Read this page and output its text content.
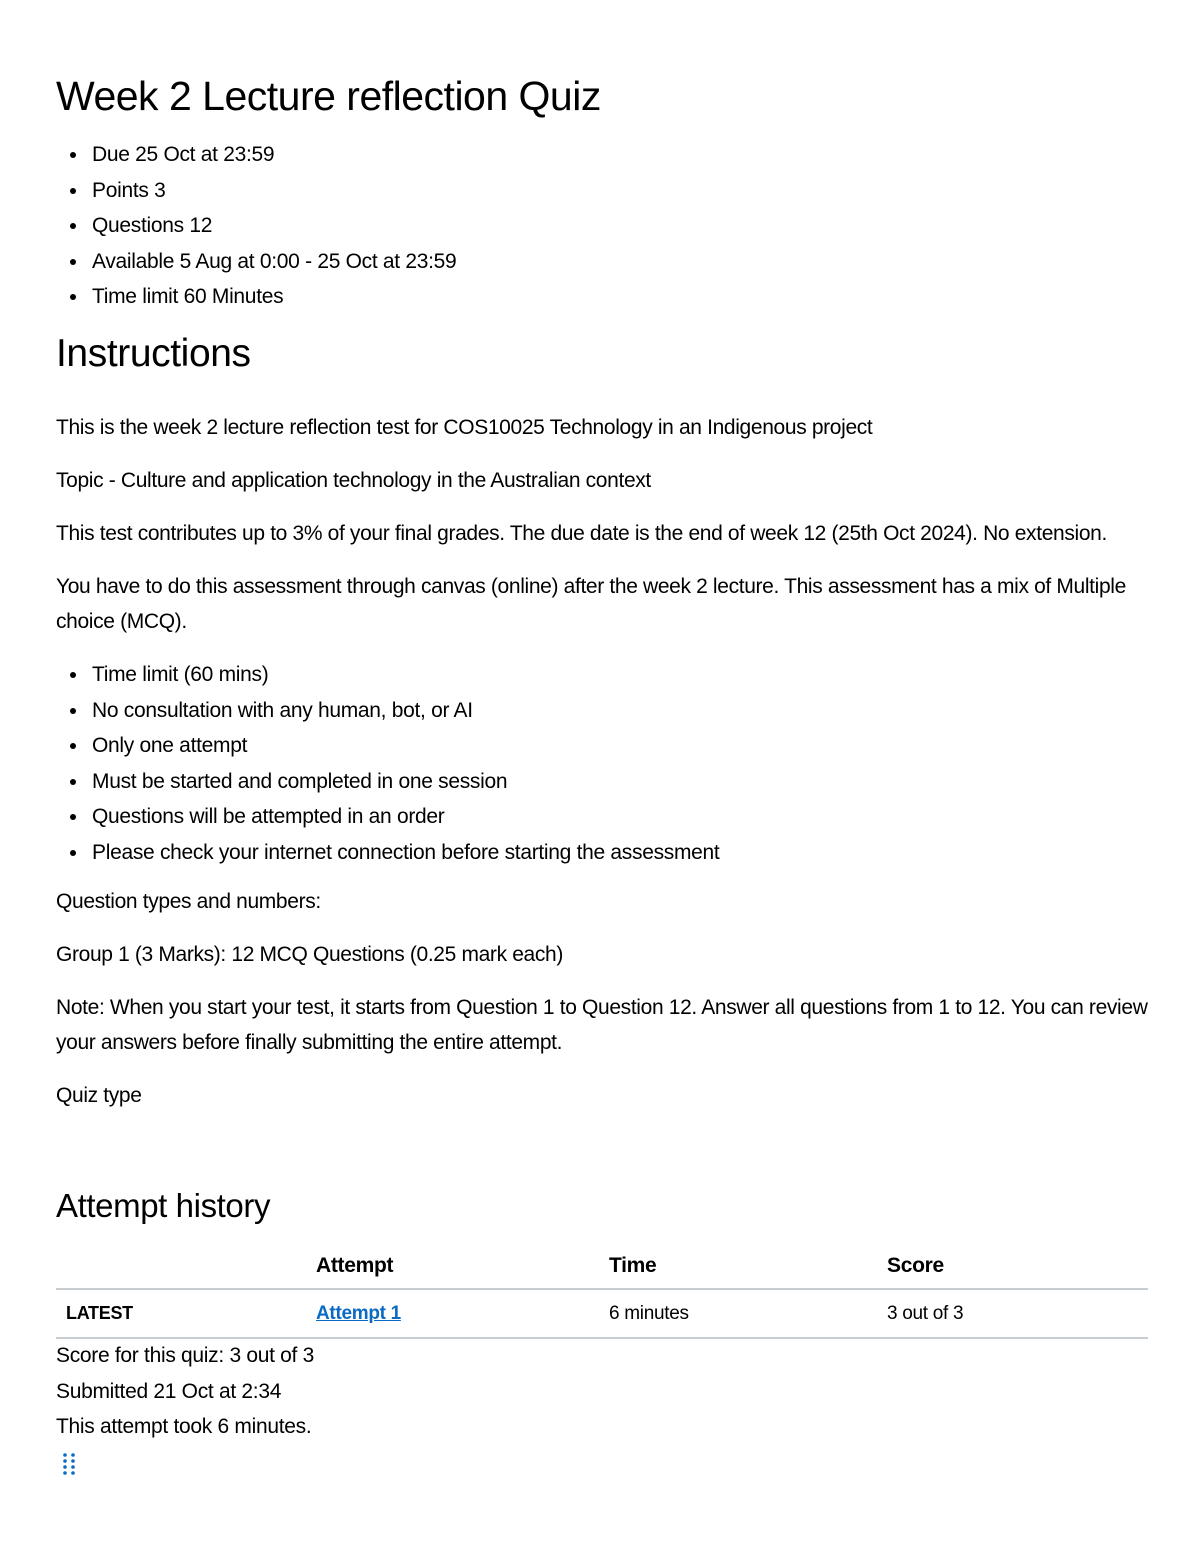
Week 2 Lecture reflection Quiz
Due 25 Oct at 23:59
Points 3
Questions 12
Available 5 Aug at 0:00 - 25 Oct at 23:59
Time limit 60 Minutes
Instructions

This is the week 2 lecture reflection test for COS10025 Technology in an Indigenous project

Topic - Culture and application technology in the Australian context

This test contributes up to 3% of your final grades. The due date is the end of week 12 (25th Oct 2024). No extension.

You have to do this assessment through canvas (online) after the week 2 lecture. This assessment has a mix of Multiple choice (MCQ).

Time limit (60 mins)
No consultation with any human, bot, or AI
Only one attempt
Must be started and completed in one session
Questions will be attempted in an order
Please check your internet connection before starting the assessment

Question types and numbers:

Group 1 (3 Marks): 12 MCQ Questions (0.25 mark each)

Note: When you start your test, it starts from Question 1 to Question 12. Answer all questions from 1 to 12. You can review your answers before finally submitting the entire attempt.

Quiz type

Attempt history
	Attempt	Time	Score
LATEST	Attempt 1	6 minutes	3 out of 3
Score for this quiz: 3 out of 3
Submitted 21 Oct at 2:34
This attempt took 6 minutes.
